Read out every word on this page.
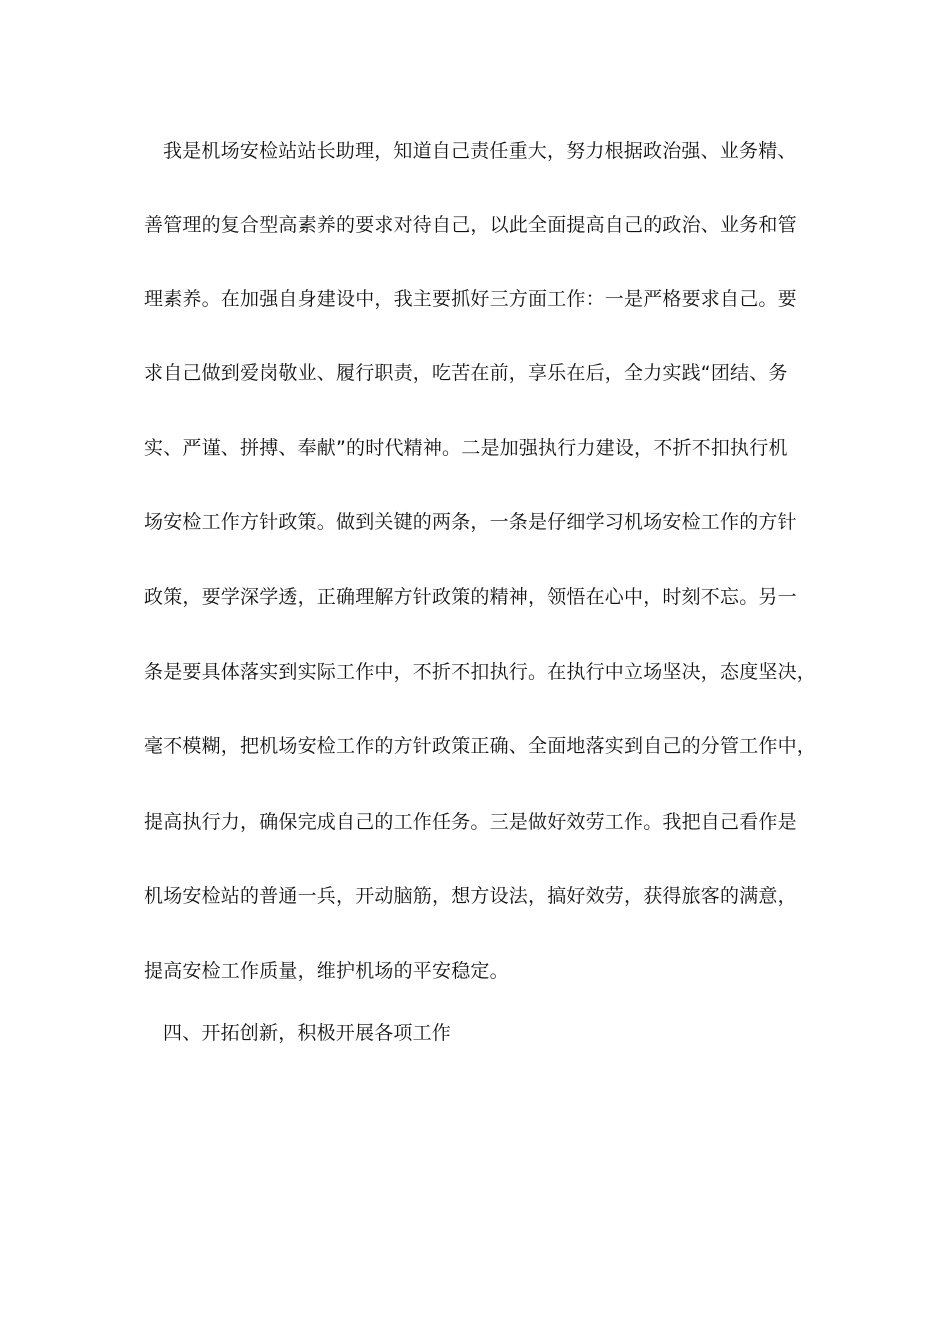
我是机场安检站站长助理，知道自己责任重大，努力根据政治强、业务精、
善管理的复合型高素养的要求对待自己，以此全面提高自己的政治、业务和管
理素养。在加强自身建设中，我主要抓好三方面工作：一是严格要求自己。要
求自己做到爱岗敬业、履行职责，吃苦在前，享乐在后，全力实践“团结、务
实、严谨、拼搏、奉献”的时代精神。二是加强执行力建设，不折不扣执行机
场安检工作方针政策。做到关键的两条，一条是仔细学习机场安检工作的方针
政策，要学深学透，正确理解方针政策的精神，领悟在心中，时刻不忘。另一
条是要具体落实到实际工作中，不折不扣执行。在执行中立场坚决，态度坚决，
毫不模糊，把机场安检工作的方针政策正确、全面地落实到自己的分管工作中，
提高执行力，确保完成自己的工作任务。三是做好效劳工作。我把自己看作是
机场安检站的普通一兵，开动脑筋，想方设法，搞好效劳，获得旅客的满意，
提高安检工作质量，维护机场的平安稳定。
四、开拓创新，积极开展各项工作
